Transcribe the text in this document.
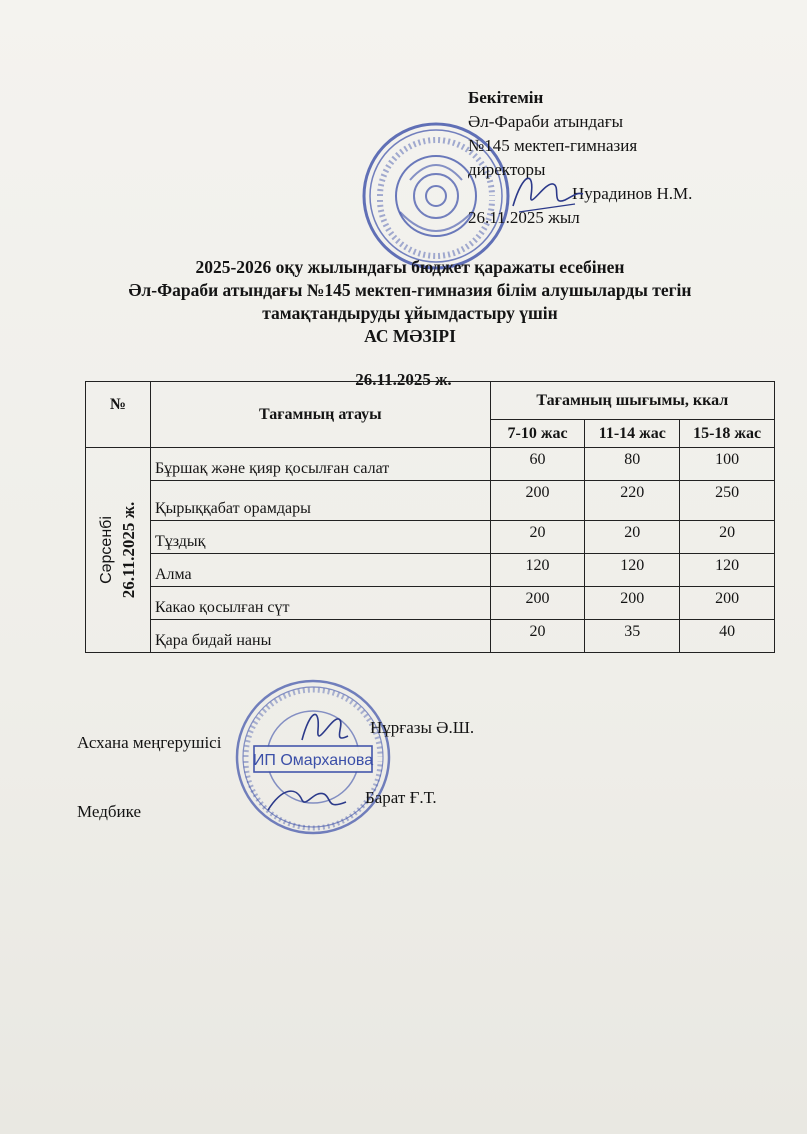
Бекітемін
Әл-Фараби атындағы
№145 мектеп-гимназия
директоры
Нурадинов Н.М.
26.11.2025 жыл
2025-2026 оқу жылындағы бюджет қаражаты есебінен
Әл-Фараби атындағы №145 мектеп-гимназия білім алушыларды тегін
тамақтандыруды ұйымдастыру үшін
АС МӘЗІРІ
26.11.2025 ж.
№	Тағамның атауы	Тағамның шығымы, ккал		
		7-10 жас	11-14 жас	15-18 жас

Сәрсенбі 26.11.2025 ж.	Бұршақ және қияр қосылған салат	60	80	100
	Қырыққабат орамдары	200	220	250
	Тұздық	20	20	20
	Алма	120	120	120
	Какао қосылған сүт	200	200	200
	Қара бидай наны	20	35	40
ИП Омарханова
Асхана меңгерушісі
Нұрғазы Ә.Ш.
Медбике
Барат Ғ.Т.
